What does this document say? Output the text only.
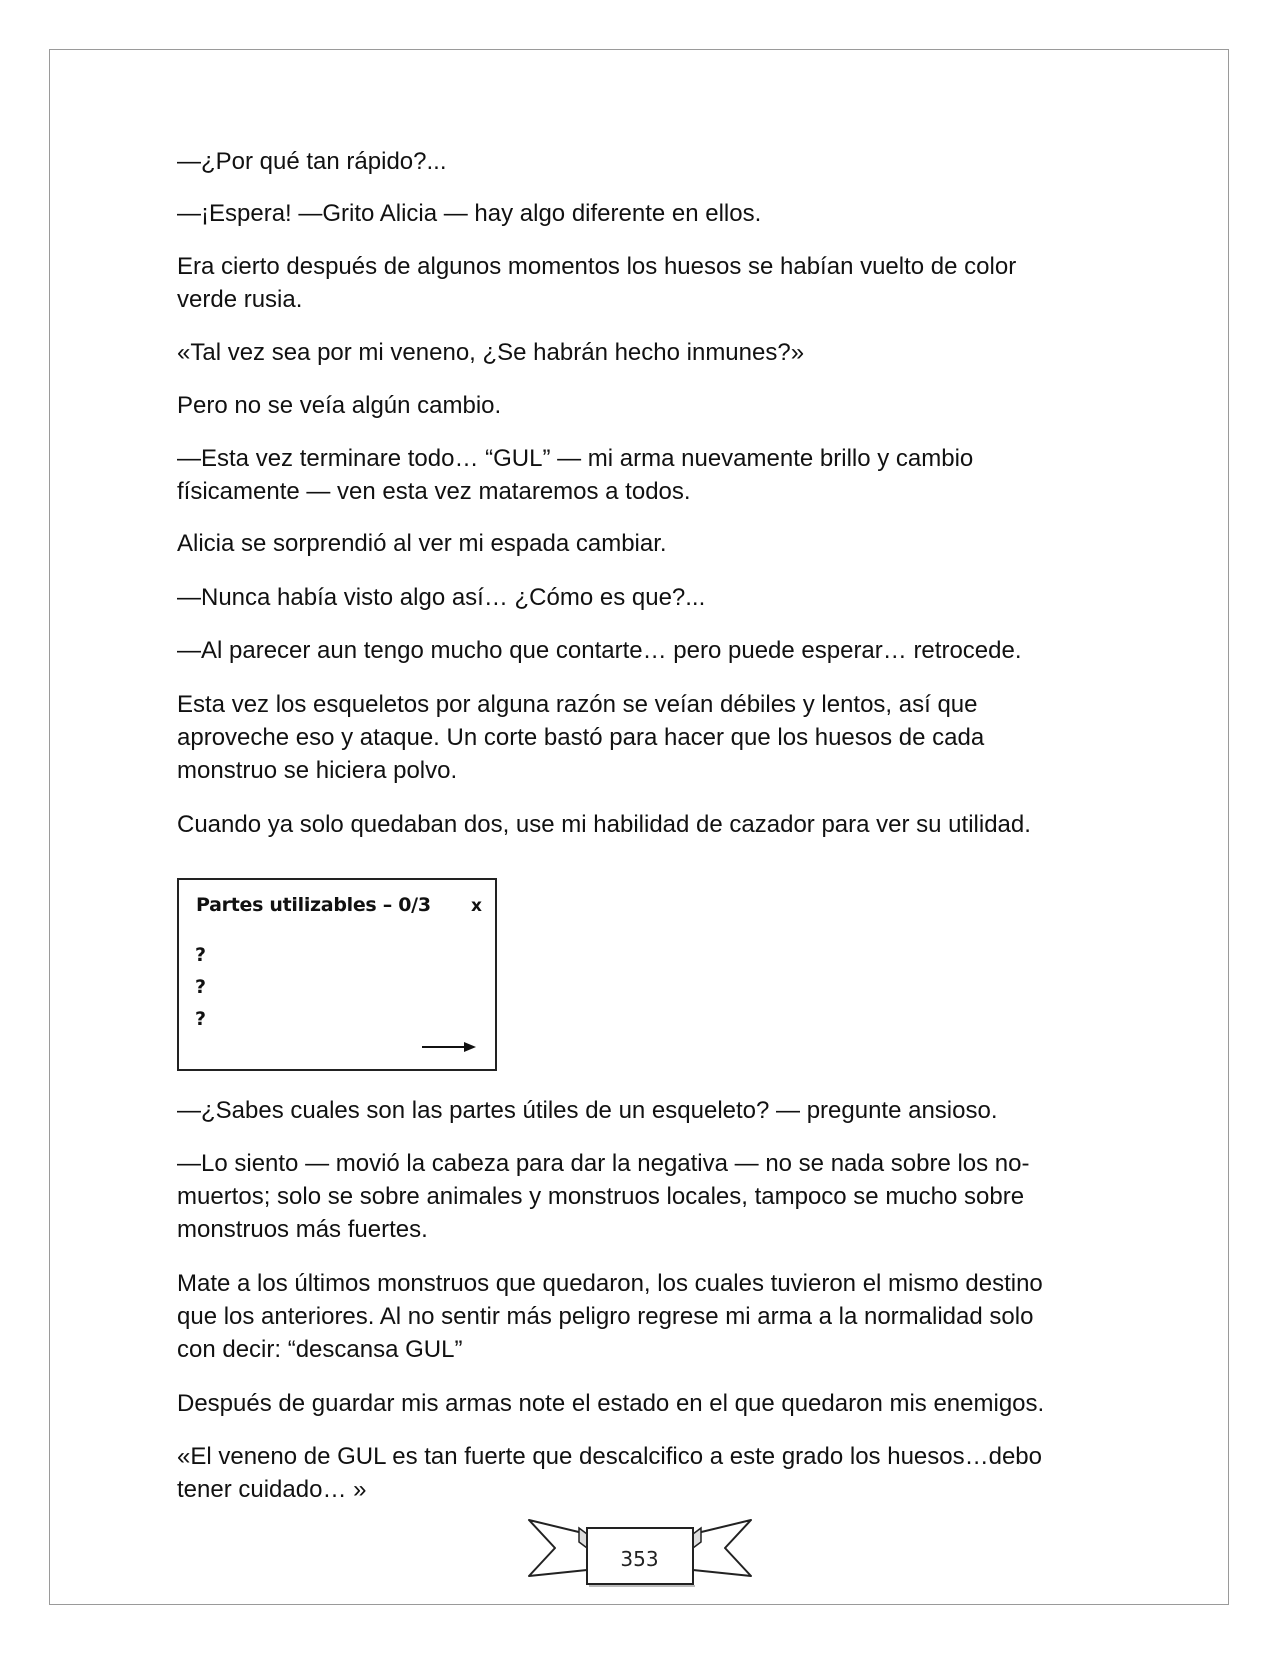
—¿Por qué tan rápido?...

—¡Espera! —Grito Alicia — hay algo diferente en ellos.

Era cierto después de algunos momentos los huesos se habían vuelto de color
verde rusia.

«Tal vez sea por mi veneno, ¿Se habrán hecho inmunes?»

Pero no se veía algún cambio.

—Esta vez terminare todo… “GUL” — mi arma nuevamente brillo y cambio
físicamente — ven esta vez mataremos a todos.

Alicia se sorprendió al ver mi espada cambiar.

—Nunca había visto algo así… ¿Cómo es que?...

—Al parecer aun tengo mucho que contarte… pero puede esperar… retrocede.

Esta vez los esqueletos por alguna razón se veían débiles y lentos, así que
aproveche eso y ataque. Un corte bastó para hacer que los huesos de cada
monstruo se hiciera polvo.

Cuando ya solo quedaban dos, use mi habilidad de cazador para ver su utilidad.

Partes utilizables – 0/3 x
?
?
?

—¿Sabes cuales son las partes útiles de un esqueleto? — pregunte ansioso.

—Lo siento — movió la cabeza para dar la negativa — no se nada sobre los no-
muertos; solo se sobre animales y monstruos locales, tampoco se mucho sobre
monstruos más fuertes.

Mate a los últimos monstruos que quedaron, los cuales tuvieron el mismo destino
que los anteriores. Al no sentir más peligro regrese mi arma a la normalidad solo
con decir: “descansa GUL”

Después de guardar mis armas note el estado en el que quedaron mis enemigos.

«El veneno de GUL es tan fuerte que descalcifico a este grado los huesos…debo
tener cuidado… »

353
